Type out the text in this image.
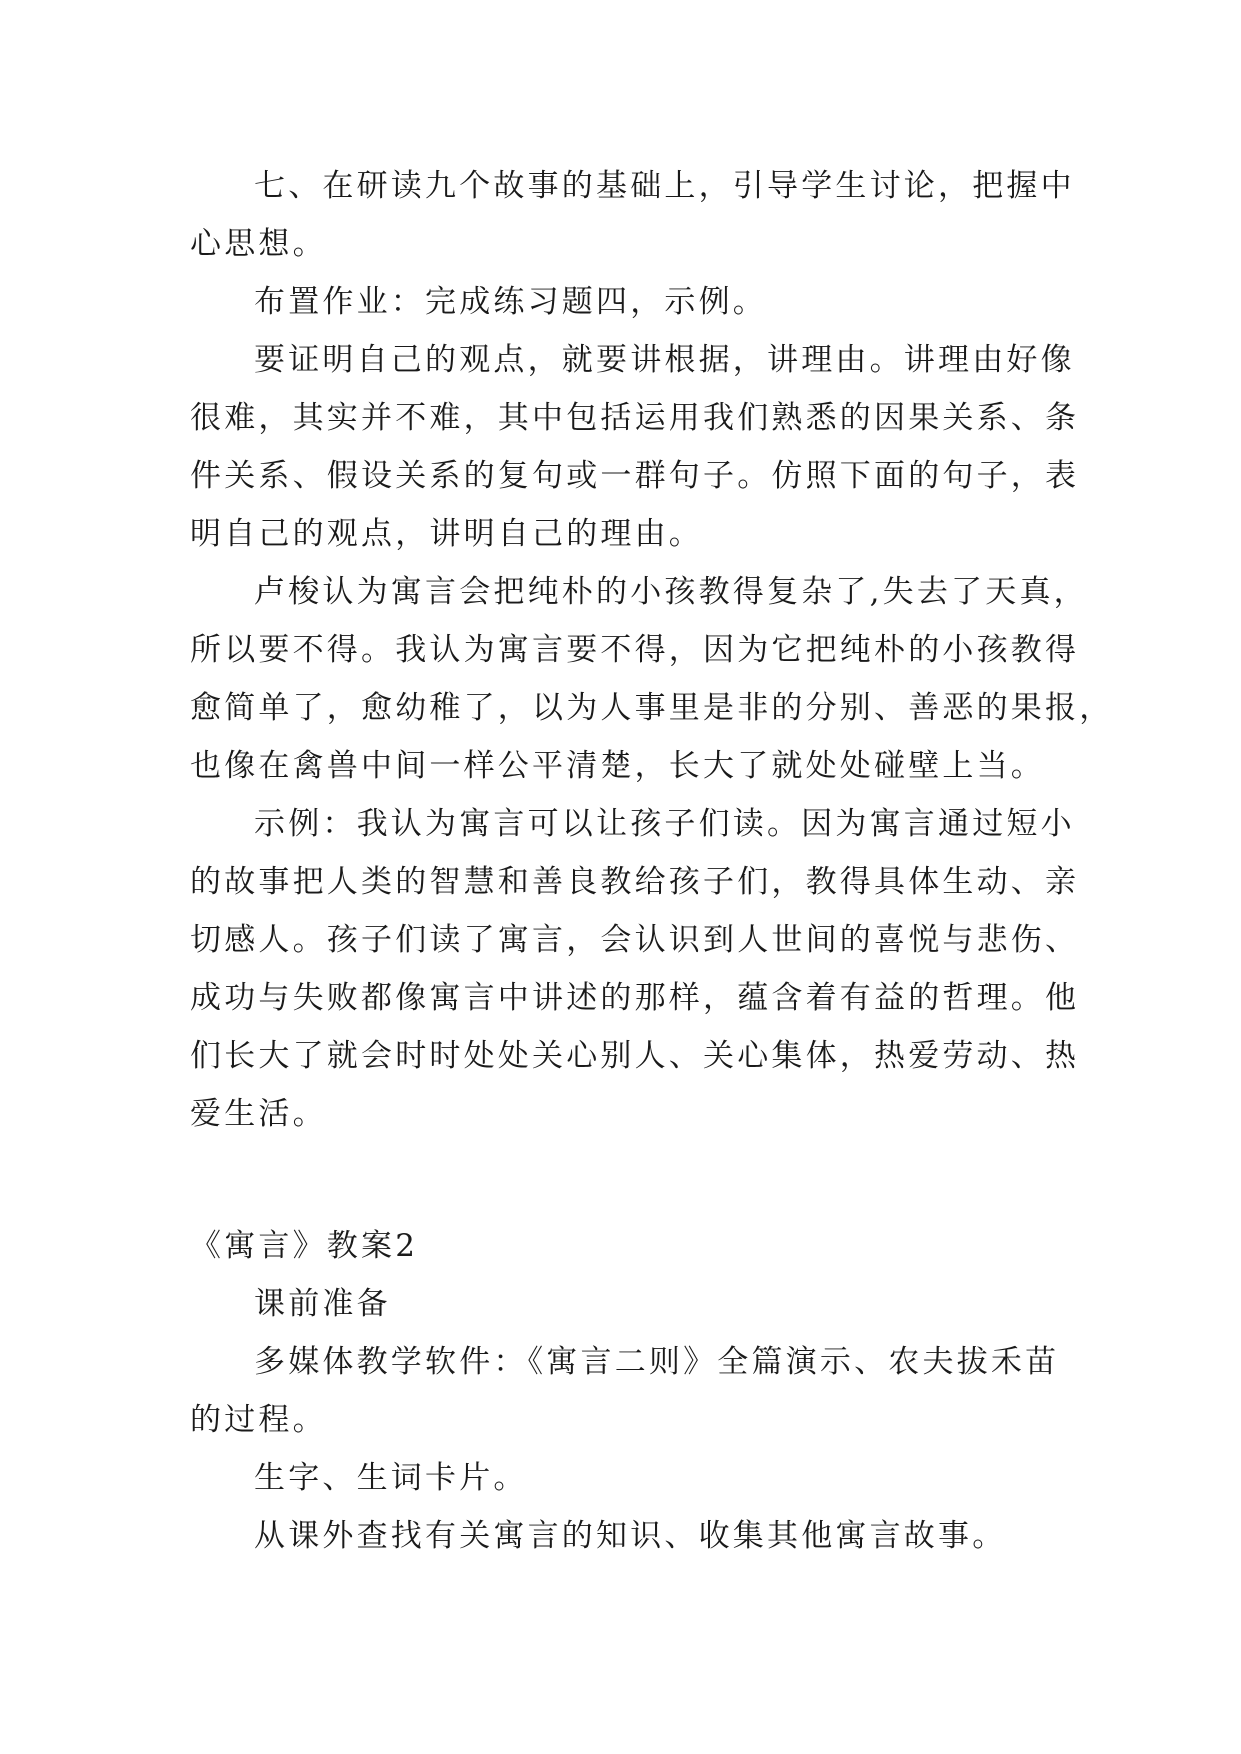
七、在研读九个故事的基础上，引导学生讨论，把握中
心思想。
布置作业：完成练习题四，示例。
要证明自己的观点，就要讲根据，讲理由。讲理由好像
很难，其实并不难，其中包括运用我们熟悉的因果关系、条
件关系、假设关系的复句或一群句子。仿照下面的句子，表
明自己的观点，讲明自己的理由。
卢梭认为寓言会把纯朴的小孩教得复杂了,失去了天真，
所以要不得。我认为寓言要不得，因为它把纯朴的小孩教得
愈简单了，愈幼稚了，以为人事里是非的分别、善恶的果报，
也像在禽兽中间一样公平清楚，长大了就处处碰壁上当。
示例：我认为寓言可以让孩子们读。因为寓言通过短小
的故事把人类的智慧和善良教给孩子们，教得具体生动、亲
切感人。孩子们读了寓言，会认识到人世间的喜悦与悲伤、
成功与失败都像寓言中讲述的那样，蕴含着有益的哲理。他
们长大了就会时时处处关心别人、关心集体，热爱劳动、热
爱生活。
《寓言》教案2
课前准备
多媒体教学软件：《寓言二则》全篇演示、农夫拔禾苗
的过程。
生字、生词卡片。
从课外查找有关寓言的知识、收集其他寓言故事。
